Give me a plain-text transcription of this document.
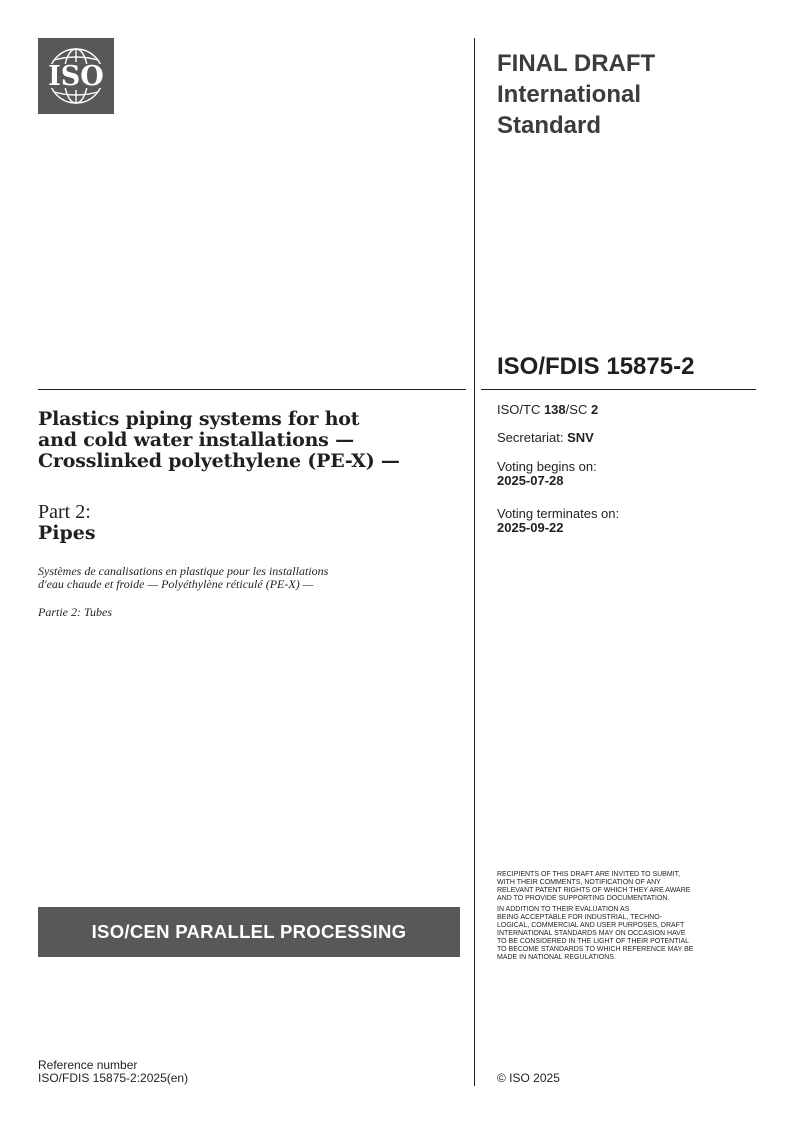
ISO	FINAL DRAFT
International
Standard
ISO/FDIS 15875-2
Plastics piping systems for hot
and cold water installations —
Crosslinked polyethylene (PE-X) —
Part 2:
Pipes
Systèmes de canalisations en plastique pour les installations
d'eau chaude et froide — Polyéthylène réticulé (PE-X) —
Partie 2: Tubes
ISO/TC 138/SC 2
Secretariat: SNV
Voting begins on:
2025-07-28
Voting terminates on:
2025-09-22
ISO/CEN PARALLEL PROCESSING

RECIPIENTS OF THIS DRAFT ARE INVITED TO SUBMIT,
WITH THEIR COMMENTS, NOTIFICATION OF ANY
RELEVANT PATENT RIGHTS OF WHICH THEY ARE AWARE
AND TO PROVIDE SUPPORTING DOCUMENTATION.

IN ADDITION TO THEIR EVALUATION AS
BEING ACCEPTABLE FOR INDUSTRIAL, TECHNO-
LOGICAL, COMMERCIAL AND USER PURPOSES, DRAFT
INTERNATIONAL STANDARDS MAY ON OCCASION HAVE
TO BE CONSIDERED IN THE LIGHT OF THEIR POTENTIAL
TO BECOME STANDARDS TO WHICH REFERENCE MAY BE
MADE IN NATIONAL REGULATIONS.

Reference number
ISO/FDIS 15875-2:2025(en)	© ISO 2025
